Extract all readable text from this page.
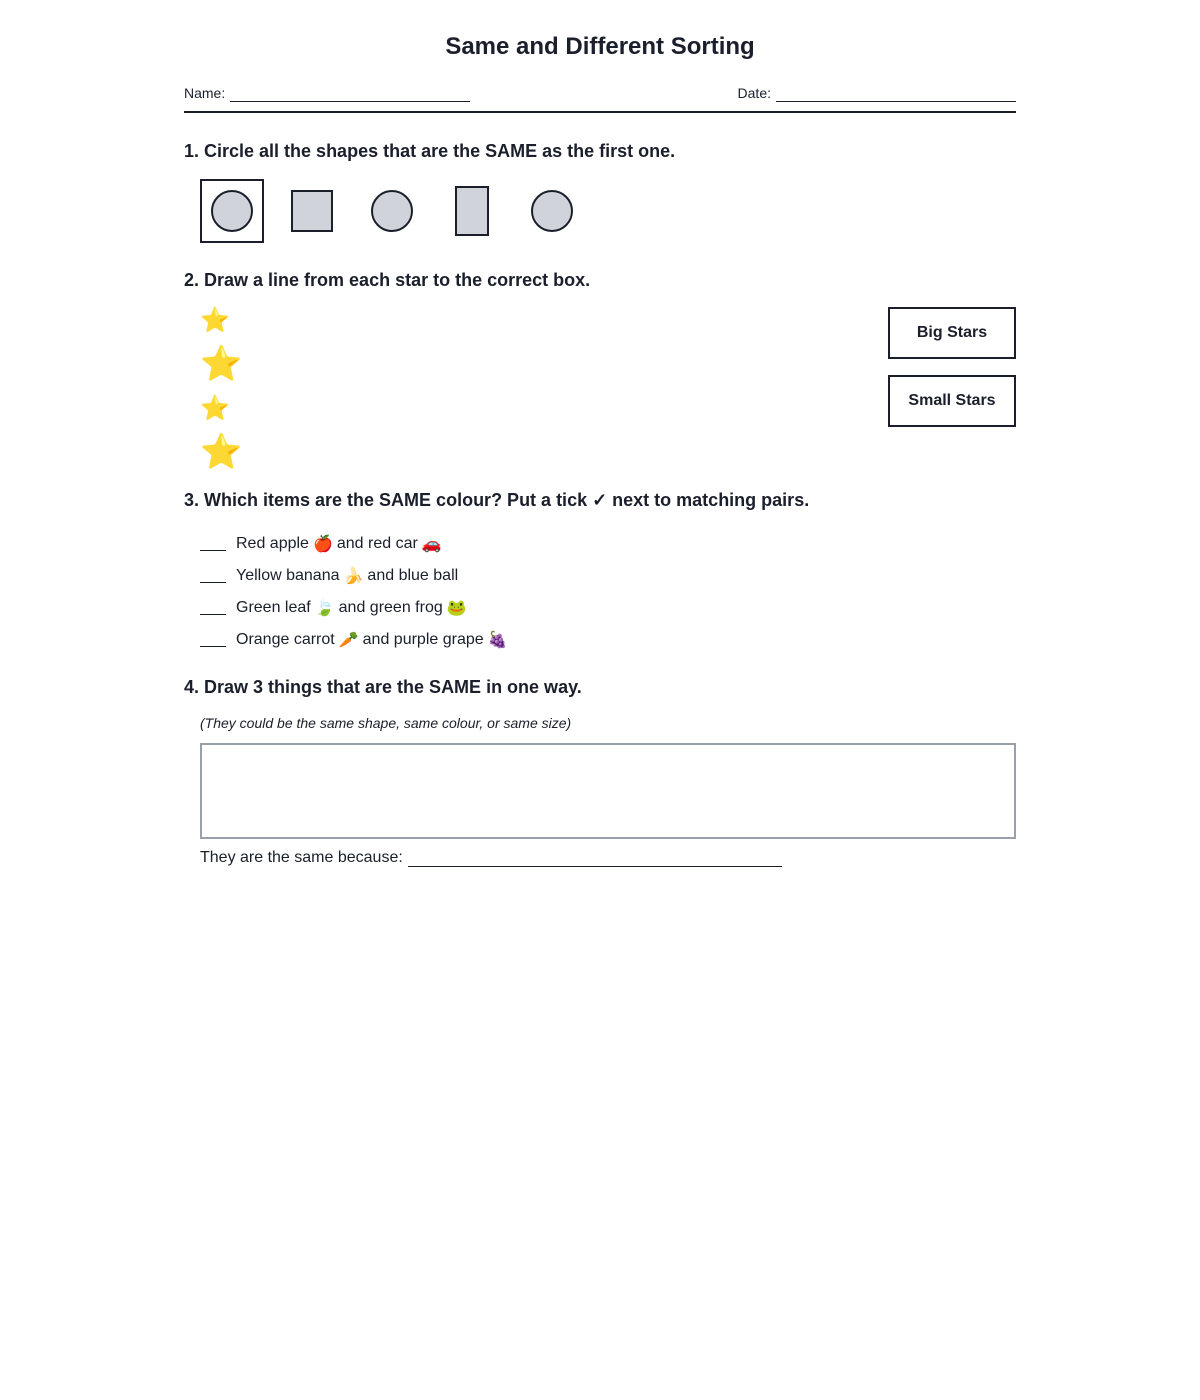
Same and Different Sorting
Name:	Date:

1. Circle all the shapes that are the SAME as the first one.

2. Draw a line from each star to the correct box.

⭐
⭐
⭐
⭐
Big Stars
Small Stars

3. Which items are the SAME colour? Put a tick ✓ next to matching pairs.

Red apple 🍎 and
red car 🚗
Yellow banana 🍌 and
blue ball
Green leaf 🍃 and
green frog 🐸
Orange carrot 🥕 and
purple grape 🍇

4. Draw 3 things that are the SAME in one way.

(They could be the same shape, same colour, or same size)
They are the same because:
